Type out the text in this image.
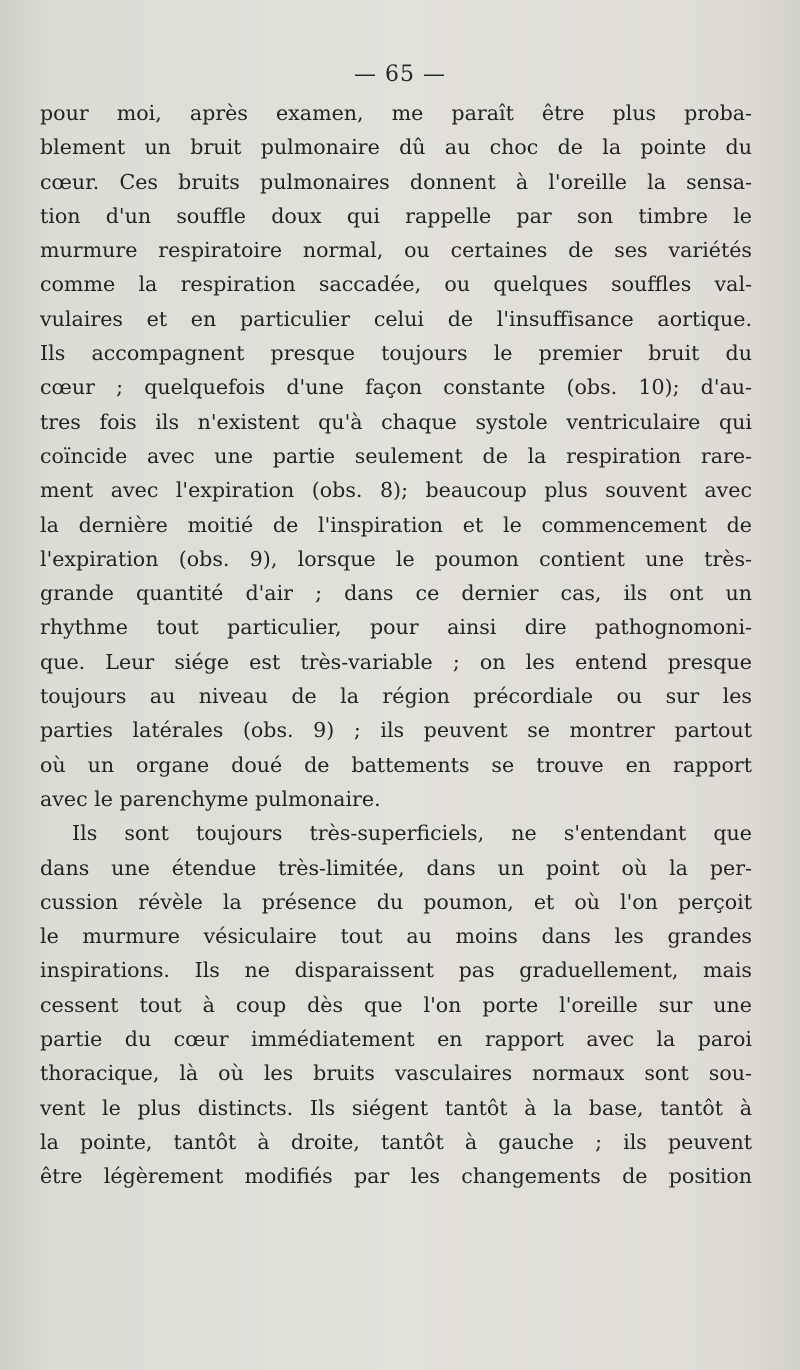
— 65 —
pour moi, après examen, me paraît être plus proba-
blement un bruit pulmonaire dû au choc de la pointe du
cœur. Ces bruits pulmonaires donnent à l'oreille la sensa-
tion d'un souffle doux qui rappelle par son timbre le
murmure respiratoire normal, ou certaines de ses variétés
comme la respiration saccadée, ou quelques souffles val-
vulaires et en particulier celui de l'insuffisance aortique.
Ils accompagnent presque toujours le premier bruit du
cœur ; quelquefois d'une façon constante (obs. 10); d'au-
tres fois ils n'existent qu'à chaque systole ventriculaire qui
coïncide avec une partie seulement de la respiration rare-
ment avec l'expiration (obs. 8); beaucoup plus souvent avec
la dernière moitié de l'inspiration et le commencement de
l'expiration (obs. 9), lorsque le poumon contient une très-
grande quantité d'air ; dans ce dernier cas, ils ont un
rhythme tout particulier, pour ainsi dire pathognomoni-
que. Leur siége est très-variable ; on les entend presque
toujours au niveau de la région précordiale ou sur les
parties latérales (obs. 9) ; ils peuvent se montrer partout
où un organe doué de battements se trouve en rapport
avec le parenchyme pulmonaire.
Ils sont toujours très-superficiels, ne s'entendant que
dans une étendue très-limitée, dans un point où la per-
cussion révèle la présence du poumon, et où l'on perçoit
le murmure vésiculaire tout au moins dans les grandes
inspirations. Ils ne disparaissent pas graduellement, mais
cessent tout à coup dès que l'on porte l'oreille sur une
partie du cœur immédiatement en rapport avec la paroi
thoracique, là où les bruits vasculaires normaux sont sou-
vent le plus distincts. Ils siégent tantôt à la base, tantôt à
la pointe, tantôt à droite, tantôt à gauche ; ils peuvent
être légèrement modifiés par les changements de position
